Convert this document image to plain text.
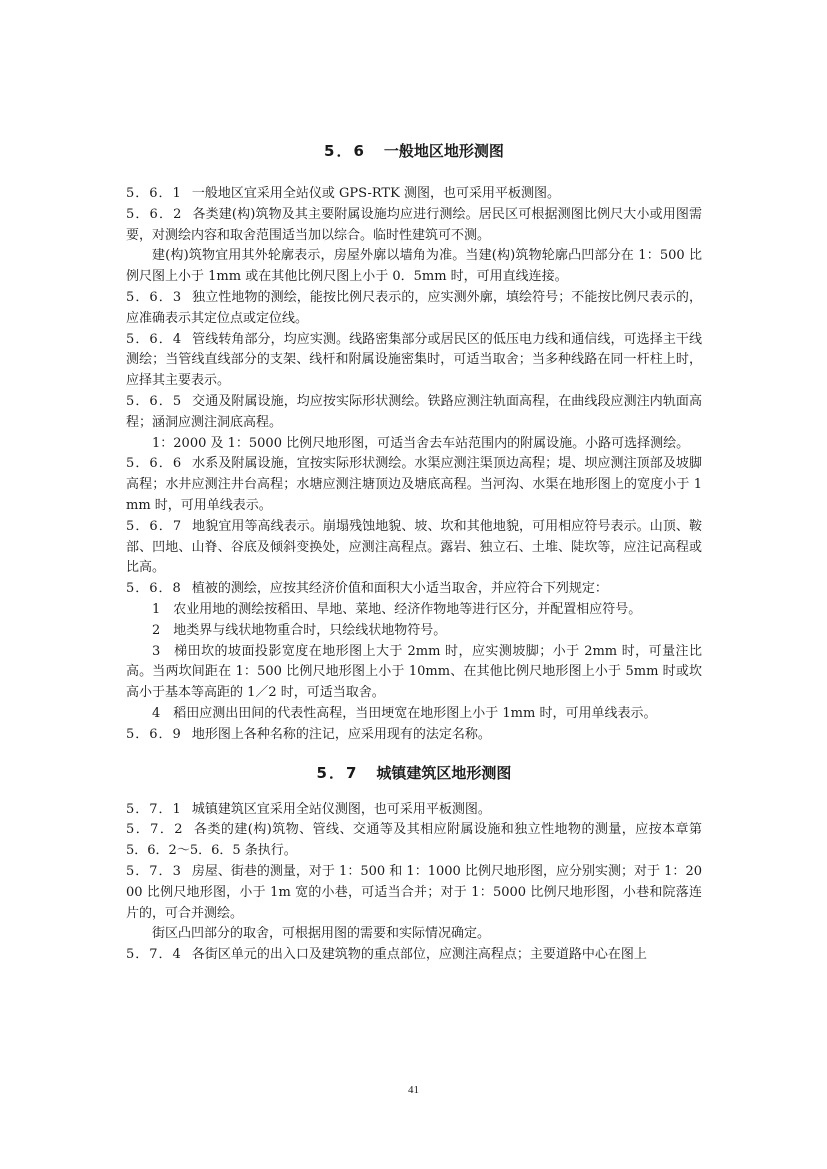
5．6 一般地区地形测图

5．6．1 一般地区宜采用全站仪或 GPS-RTK 测图，也可采用平板测图。

5．6．2 各类建(构)筑物及其主要附属设施均应进行测绘。居民区可根据测图比例尺大小或用图需要，对测绘内容和取舍范围适当加以综合。临时性建筑可不测。

建(构)筑物宜用其外轮廓表示，房屋外廓以墙角为准。当建(构)筑物轮廓凸凹部分在 1：500 比例尺图上小于 1mm 或在其他比例尺图上小于 0．5mm 时，可用直线连接。

5．6．3 独立性地物的测绘，能按比例尺表示的，应实测外廓，填绘符号；不能按比例尺表示的，应准确表示其定位点或定位线。

5．6．4 管线转角部分，均应实测。线路密集部分或居民区的低压电力线和通信线，可选择主干线测绘；当管线直线部分的支架、线杆和附属设施密集时，可适当取舍；当多种线路在同一杆柱上时，应择其主要表示。

5．6．5 交通及附属设施，均应按实际形状测绘。铁路应测注轨面高程，在曲线段应测注内轨面高程；涵洞应测注洞底高程。

1：2000 及 1：5000 比例尺地形图，可适当舍去车站范围内的附属设施。小路可选择测绘。

5．6．6 水系及附属设施，宜按实际形状测绘。水渠应测注渠顶边高程；堤、坝应测注顶部及坡脚高程；水井应测注井台高程；水塘应测注塘顶边及塘底高程。当河沟、水渠在地形图上的宽度小于 1mm 时，可用单线表示。

5．6．7 地貌宜用等高线表示。崩塌残蚀地貌、坡、坎和其他地貌，可用相应符号表示。山顶、鞍部、凹地、山脊、谷底及倾斜变换处，应测注高程点。露岩、独立石、土堆、陡坎等，应注记高程或比高。

5．6．8 植被的测绘，应按其经济价值和面积大小适当取舍，并应符合下列规定：

1　农业用地的测绘按稻田、旱地、菜地、经济作物地等进行区分，并配置相应符号。

2　地类界与线状地物重合时，只绘线状地物符号。

3　梯田坎的坡面投影宽度在地形图上大于 2mm 时，应实测坡脚；小于 2mm 时，可量注比高。当两坎间距在 1：500 比例尺地形图上小于 10mm、在其他比例尺地形图上小于 5mm 时或坎高小于基本等高距的 1／2 时，可适当取舍。

4　稻田应测出田间的代表性高程，当田埂宽在地形图上小于 1mm 时，可用单线表示。

5．6．9 地形图上各种名称的注记，应采用现有的法定名称。

5．7 城镇建筑区地形测图

5．7．1 城镇建筑区宜采用全站仪测图，也可采用平板测图。

5．7．2 各类的建(构)筑物、管线、交通等及其相应附属设施和独立性地物的测量，应按本章第 5．6．2～5．6．5 条执行。

5．7．3 房屋、街巷的测量，对于 1：500 和 1：1000 比例尺地形图，应分别实测；对于 1：2000 比例尺地形图，小于 1m 宽的小巷，可适当合并；对于 1：5000 比例尺地形图，小巷和院落连片的，可合并测绘。

街区凸凹部分的取舍，可根据用图的需要和实际情况确定。

5．7．4 各街区单元的出入口及建筑物的重点部位，应测注高程点；主要道路中心在图上

41
